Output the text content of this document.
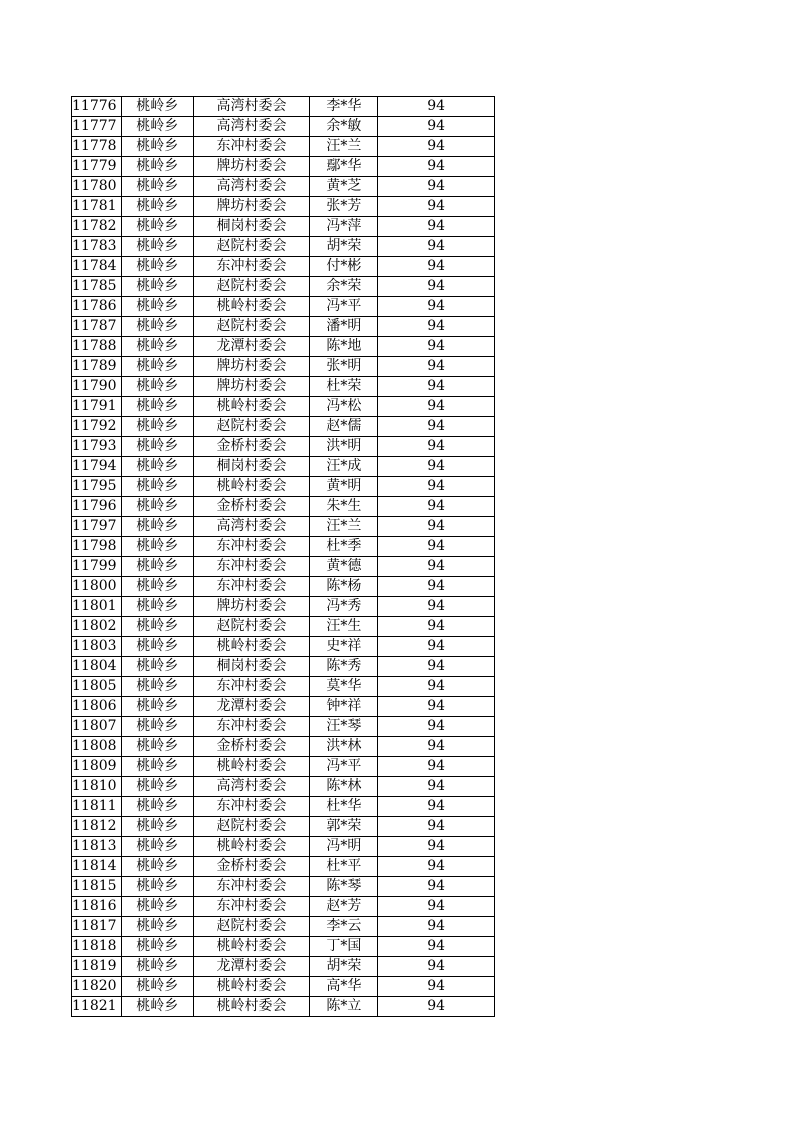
11776	桃岭乡	高湾村委会	李*华	94
11777	桃岭乡	高湾村委会	余*敏	94
11778	桃岭乡	东冲村委会	汪*兰	94
11779	桃岭乡	牌坊村委会	鄢*华	94
11780	桃岭乡	高湾村委会	黄*芝	94
11781	桃岭乡	牌坊村委会	张*芳	94
11782	桃岭乡	桐岗村委会	冯*萍	94
11783	桃岭乡	赵院村委会	胡*荣	94
11784	桃岭乡	东冲村委会	付*彬	94
11785	桃岭乡	赵院村委会	余*荣	94
11786	桃岭乡	桃岭村委会	冯*平	94
11787	桃岭乡	赵院村委会	潘*明	94
11788	桃岭乡	龙潭村委会	陈*地	94
11789	桃岭乡	牌坊村委会	张*明	94
11790	桃岭乡	牌坊村委会	杜*荣	94
11791	桃岭乡	桃岭村委会	冯*松	94
11792	桃岭乡	赵院村委会	赵*儒	94
11793	桃岭乡	金桥村委会	洪*明	94
11794	桃岭乡	桐岗村委会	汪*成	94
11795	桃岭乡	桃岭村委会	黄*明	94
11796	桃岭乡	金桥村委会	朱*生	94
11797	桃岭乡	高湾村委会	汪*兰	94
11798	桃岭乡	东冲村委会	杜*季	94
11799	桃岭乡	东冲村委会	黄*德	94
11800	桃岭乡	东冲村委会	陈*杨	94
11801	桃岭乡	牌坊村委会	冯*秀	94
11802	桃岭乡	赵院村委会	汪*生	94
11803	桃岭乡	桃岭村委会	史*祥	94
11804	桃岭乡	桐岗村委会	陈*秀	94
11805	桃岭乡	东冲村委会	莫*华	94
11806	桃岭乡	龙潭村委会	钟*祥	94
11807	桃岭乡	东冲村委会	汪*琴	94
11808	桃岭乡	金桥村委会	洪*林	94
11809	桃岭乡	桃岭村委会	冯*平	94
11810	桃岭乡	高湾村委会	陈*林	94
11811	桃岭乡	东冲村委会	杜*华	94
11812	桃岭乡	赵院村委会	郭*荣	94
11813	桃岭乡	桃岭村委会	冯*明	94
11814	桃岭乡	金桥村委会	杜*平	94
11815	桃岭乡	东冲村委会	陈*琴	94
11816	桃岭乡	东冲村委会	赵*芳	94
11817	桃岭乡	赵院村委会	李*云	94
11818	桃岭乡	桃岭村委会	丁*国	94
11819	桃岭乡	龙潭村委会	胡*荣	94
11820	桃岭乡	桃岭村委会	高*华	94
11821	桃岭乡	桃岭村委会	陈*立	94
